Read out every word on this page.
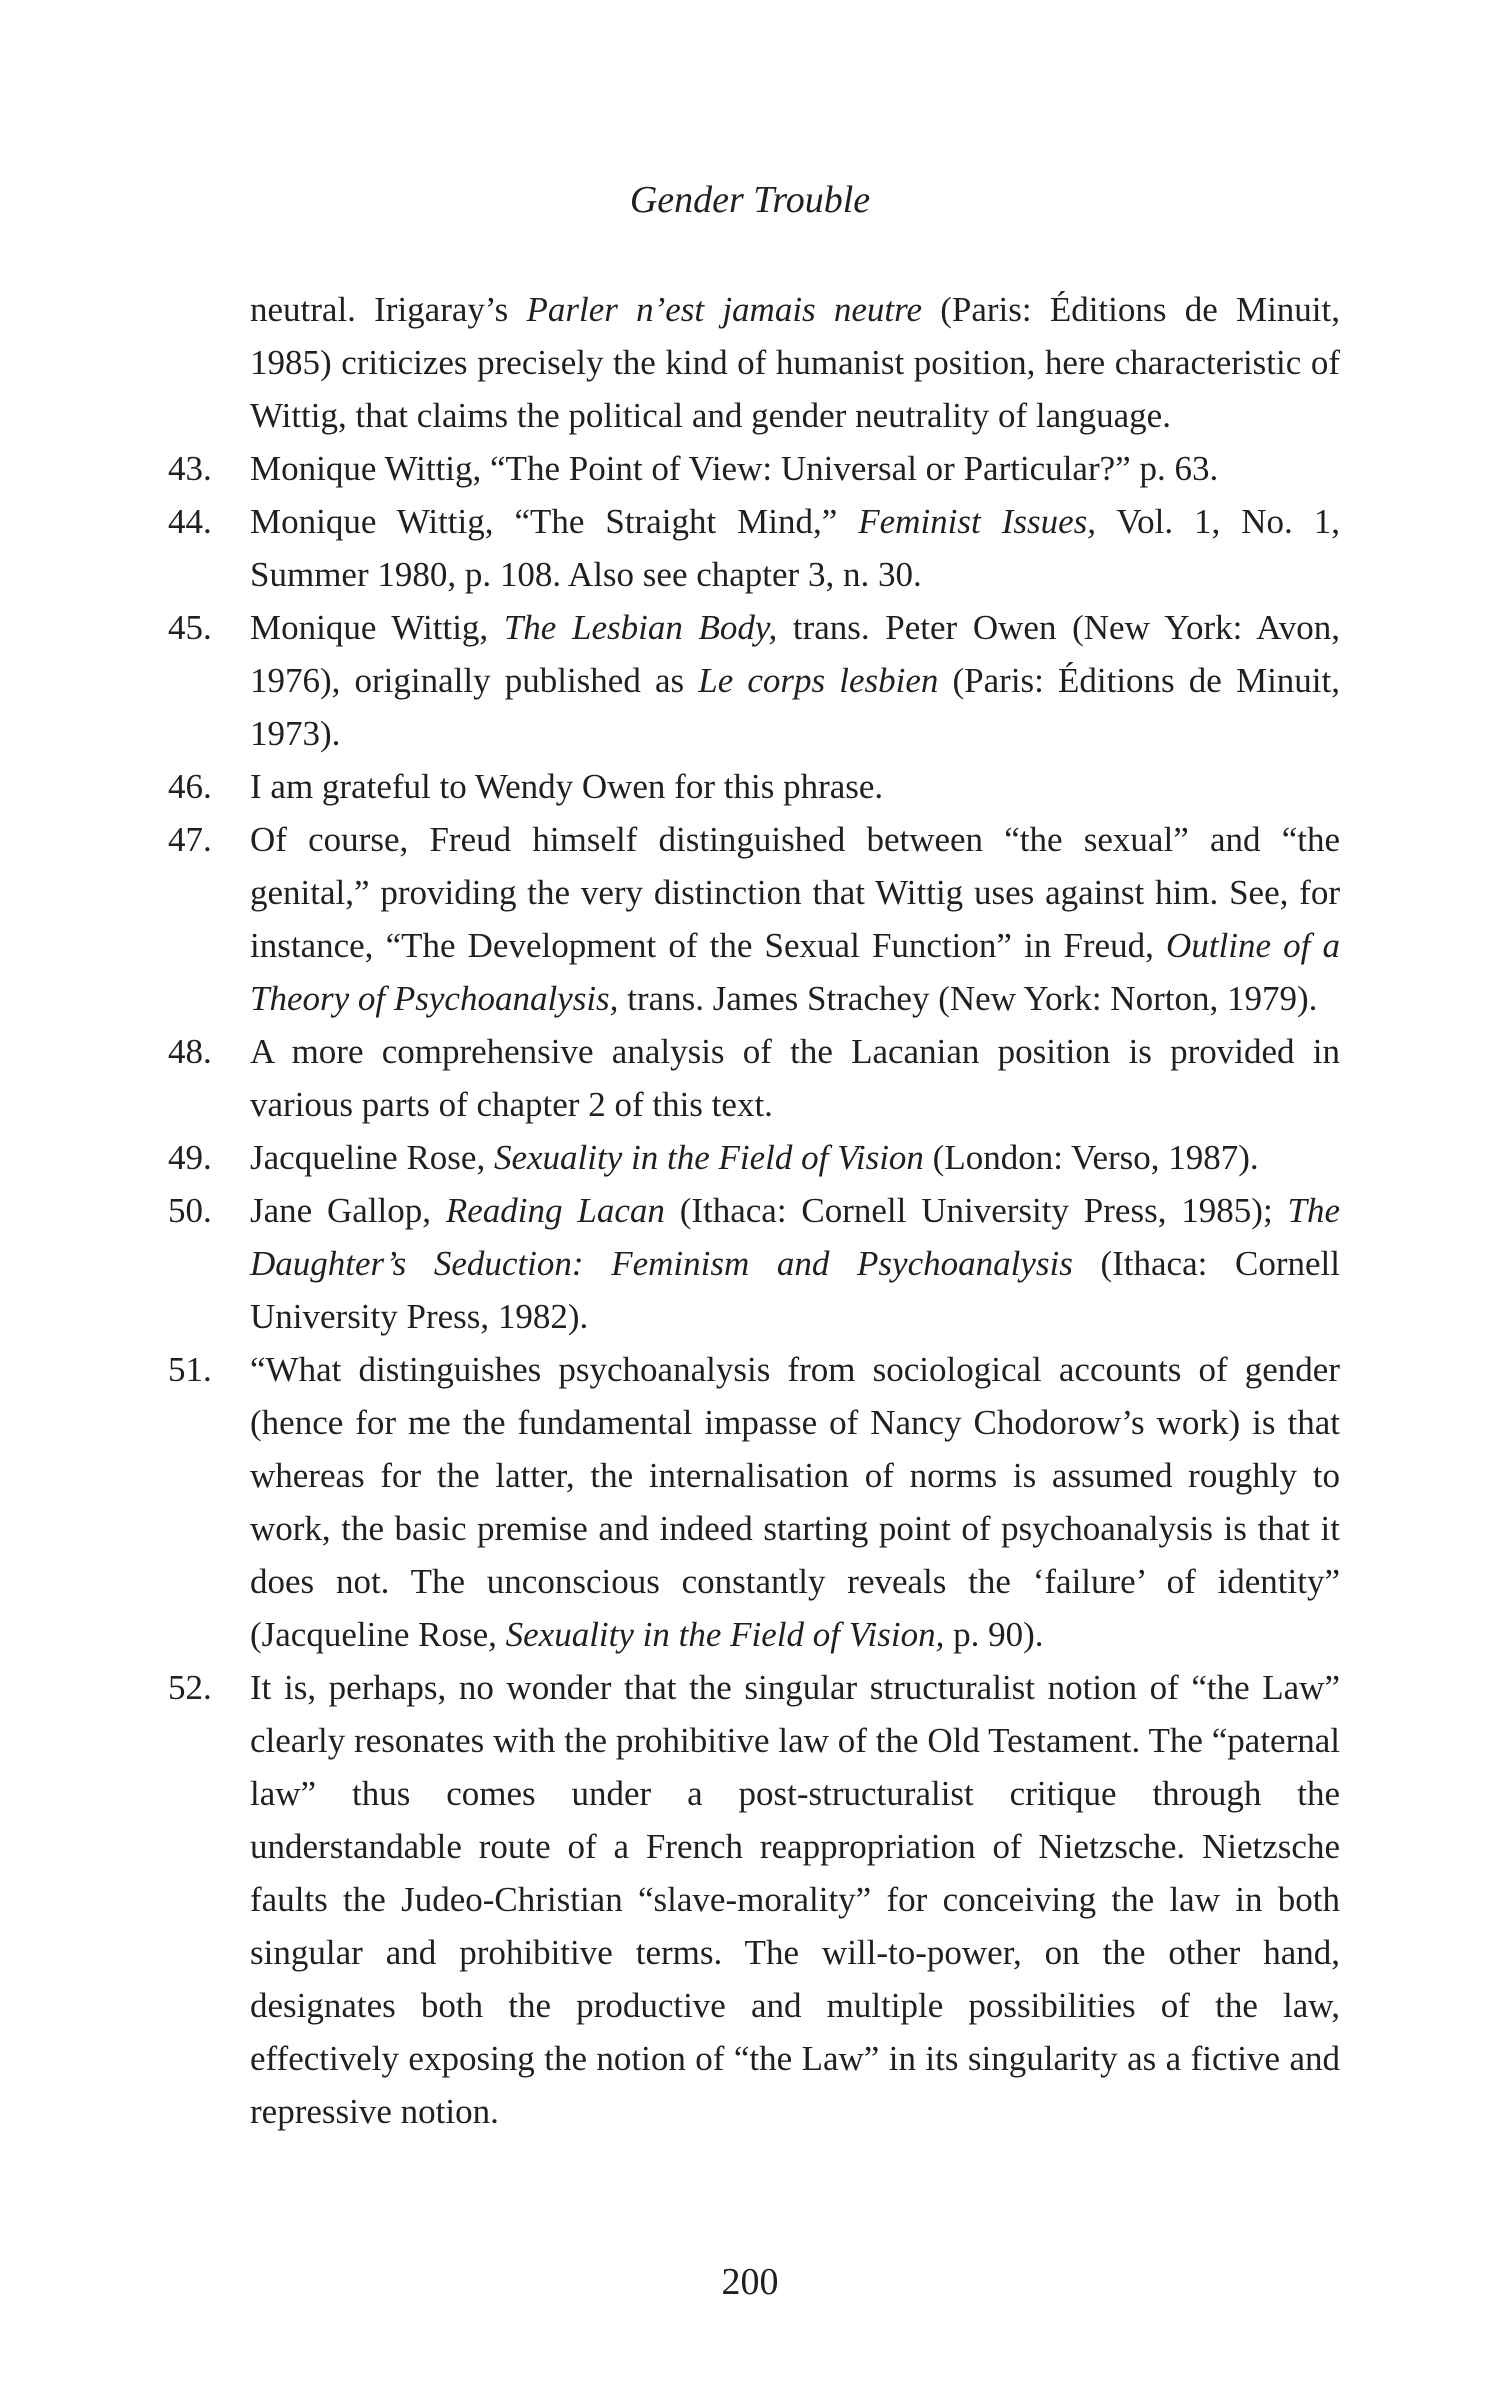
Gender Trouble
neutral. Irigaray’s Parler n’est jamais neutre (Paris: Éditions de Minuit, 1985) criticizes precisely the kind of humanist position, here characteristic of Wittig, that claims the political and gender neutrality of language.
43. Monique Wittig, “The Point of View: Universal or Particular?” p. 63.
44. Monique Wittig, “The Straight Mind,” Feminist Issues, Vol. 1, No. 1, Summer 1980, p. 108. Also see chapter 3, n. 30.
45. Monique Wittig, The Lesbian Body, trans. Peter Owen (New York: Avon, 1976), originally published as Le corps lesbien (Paris: Éditions de Minuit, 1973).
46. I am grateful to Wendy Owen for this phrase.
47. Of course, Freud himself distinguished between “the sexual” and “the genital,” providing the very distinction that Wittig uses against him. See, for instance, “The Development of the Sexual Function” in Freud, Outline of a Theory of Psychoanalysis, trans. James Strachey (New York: Norton, 1979).
48. A more comprehensive analysis of the Lacanian position is provided in various parts of chapter 2 of this text.
49. Jacqueline Rose, Sexuality in the Field of Vision (London: Verso, 1987).
50. Jane Gallop, Reading Lacan (Ithaca: Cornell University Press, 1985); The Daughter’s Seduction: Feminism and Psychoanalysis (Ithaca: Cornell University Press, 1982).
51. “What distinguishes psychoanalysis from sociological accounts of gender (hence for me the fundamental impasse of Nancy Chodorow’s work) is that whereas for the latter, the internalisation of norms is assumed roughly to work, the basic premise and indeed starting point of psychoanalysis is that it does not. The unconscious constantly reveals the ‘failure’ of identity” (Jacqueline Rose, Sexuality in the Field of Vision, p. 90).
52. It is, perhaps, no wonder that the singular structuralist notion of “the Law” clearly resonates with the prohibitive law of the Old Testament. The “paternal law” thus comes under a post-structuralist critique through the understandable route of a French reappropriation of Nietzsche. Nietzsche faults the Judeo-Christian “slave-morality” for conceiving the law in both singular and prohibitive terms. The will-to-power, on the other hand, designates both the productive and multiple possibilities of the law, effectively exposing the notion of “the Law” in its singularity as a fictive and repressive notion.
200
